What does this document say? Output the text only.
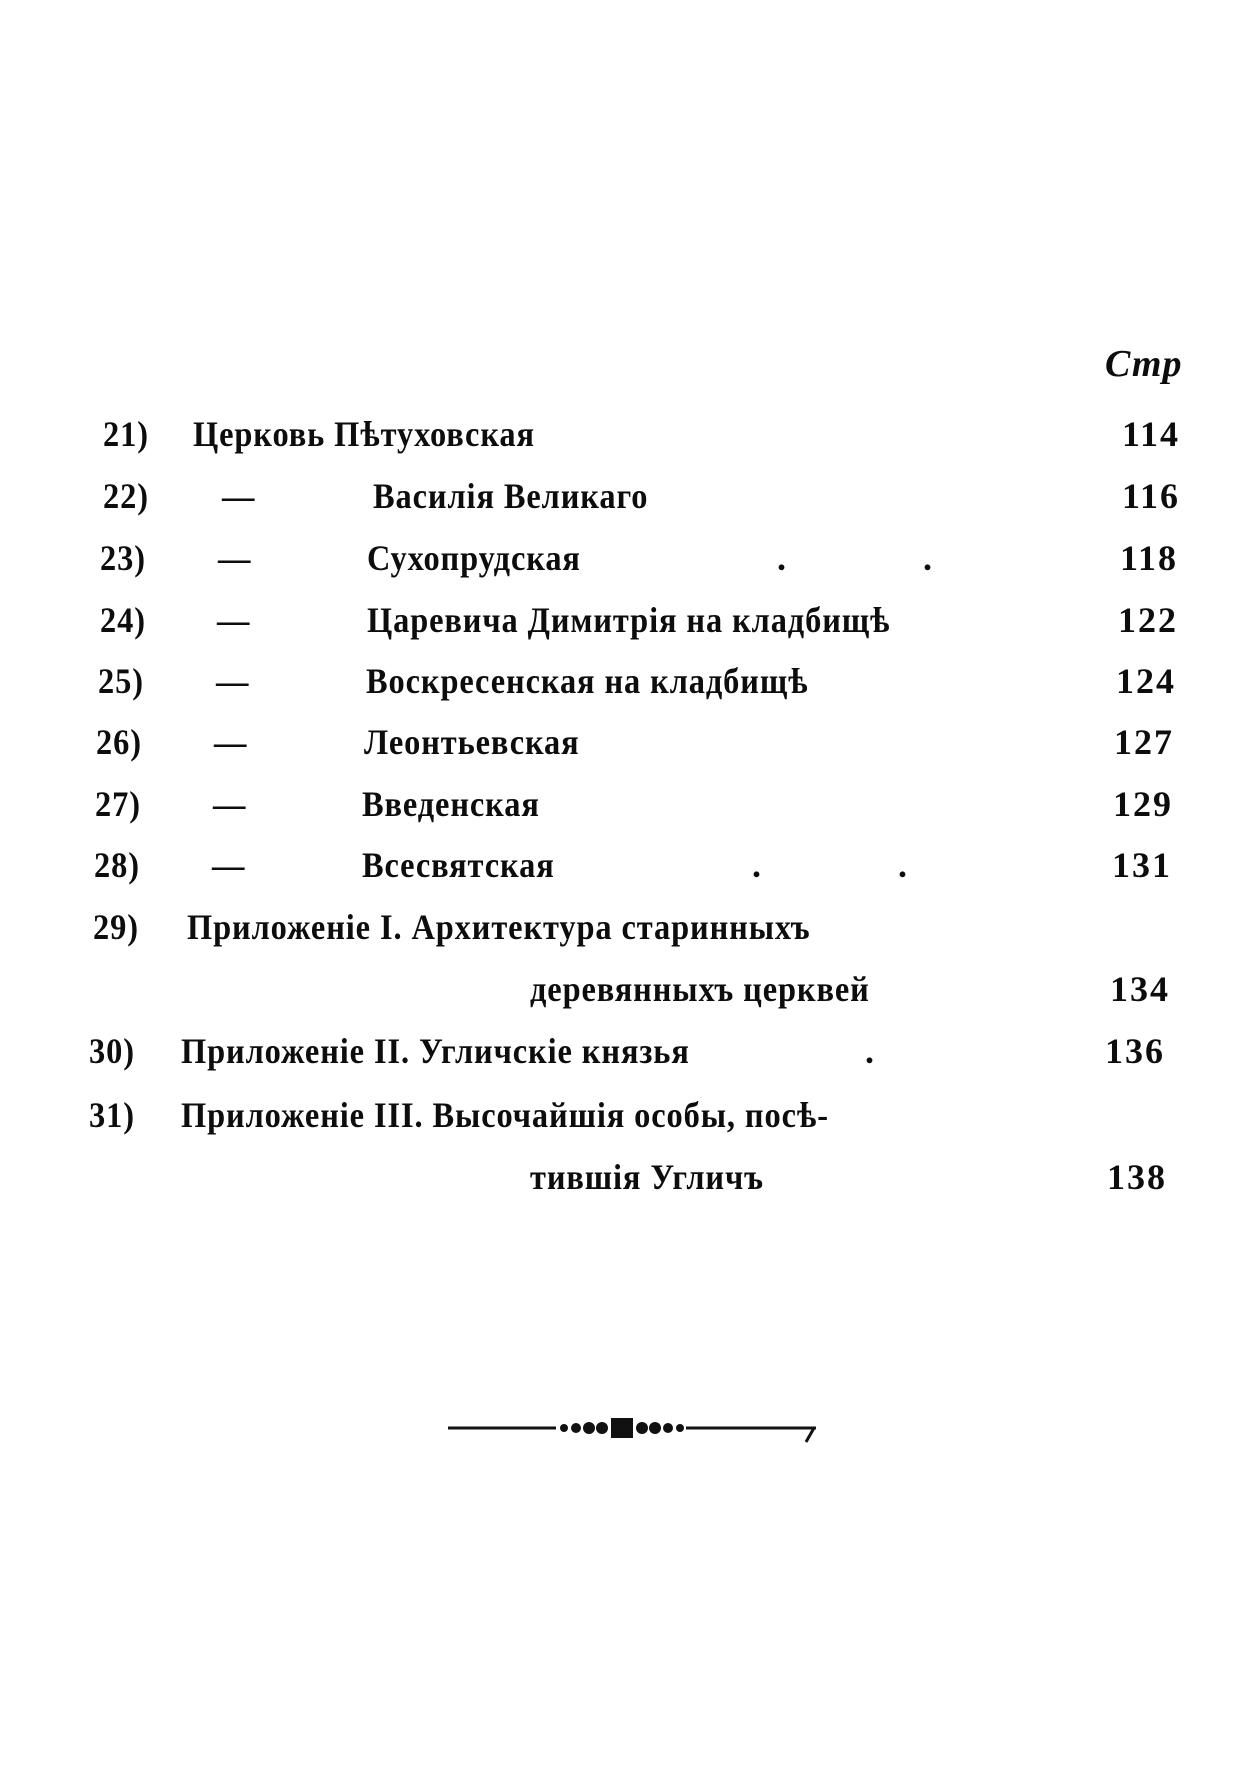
Стр
21) Церковь Пѣтуховская	114
22) —	Василія Великаго	116
23) —	Сухопрудская	. .	118
24) —	Царевича Димитрія на кладбищѣ	122
25) —	Воскресенская на кладбищѣ	124
26) —	Леонтьевская	127
27) —	Введенская	129
28) —	Всесвятская	. .	131
29) Приложеніе I. Архитектура старинныхъ
деревянныхъ церквей	134
30) Приложеніе II. Угличскіе князья	.	136
31) Приложеніе III. Высочайшія особы, посѣ-
тившія Угличъ	138
